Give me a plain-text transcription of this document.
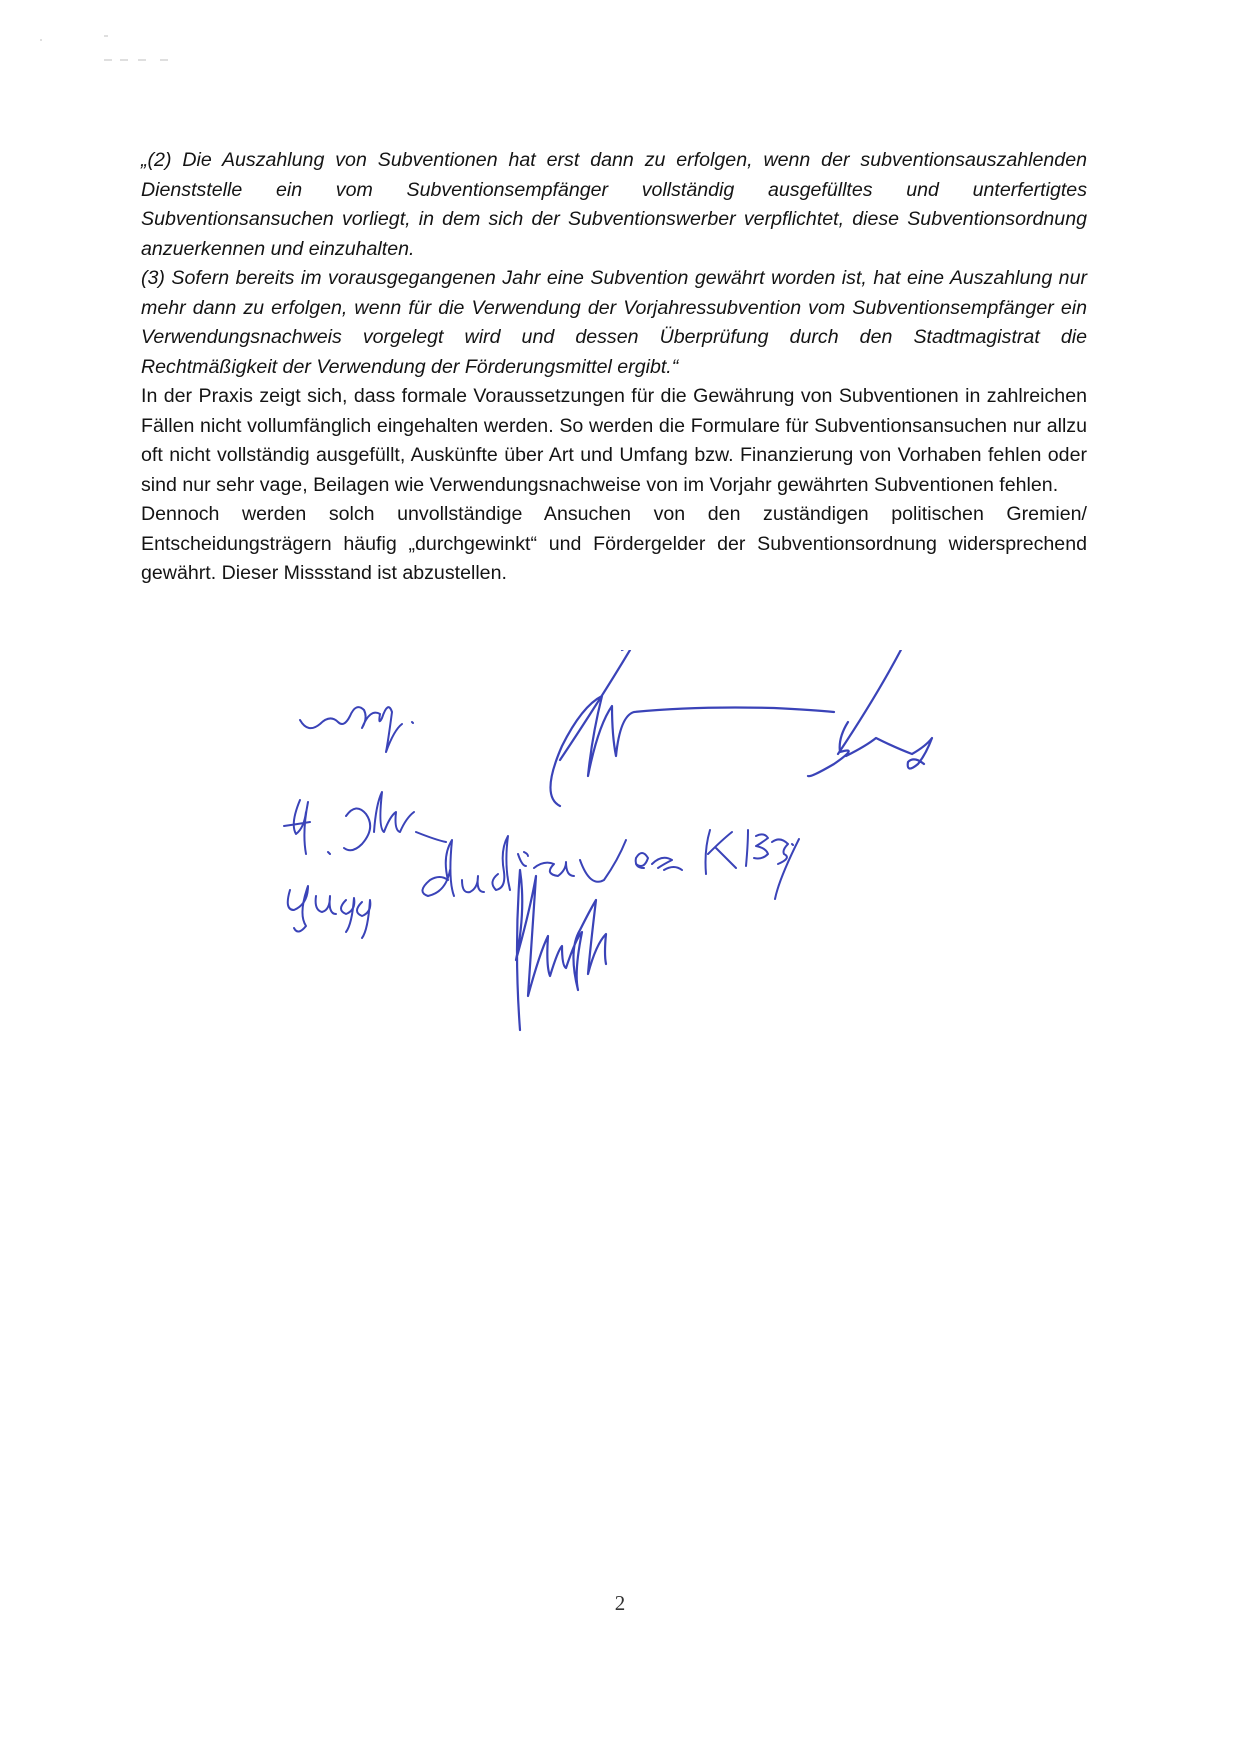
„(2) Die Auszahlung von Subventionen hat erst dann zu erfolgen, wenn der subventionsauszahlenden Dienststelle ein vom Subventionsempfänger vollständig ausgefülltes und unterfertigtes Subventionsansuchen vorliegt, in dem sich der Subventionswerber verpflichtet, diese Subventionsordnung anzuerkennen und einzuhalten.

(3) Sofern bereits im vorausgegangenen Jahr eine Subvention gewährt worden ist, hat eine Auszahlung nur mehr dann zu erfolgen, wenn für die Verwendung der Vorjahressubvention vom Subventionsempfänger ein Verwendungsnachweis vorgelegt wird und dessen Überprüfung durch den Stadtmagistrat die Rechtmäßigkeit der Verwendung der Förderungsmittel ergibt.“

In der Praxis zeigt sich, dass formale Voraussetzungen für die Gewährung von Subventionen in zahlreichen Fällen nicht vollumfänglich eingehalten werden. So werden die Formulare für Subventionsansuchen nur allzu oft nicht vollständig ausgefüllt, Auskünfte über Art und Umfang bzw. Finanzierung von Vorhaben fehlen oder sind nur sehr vage, Beilagen wie Verwendungsnachweise von im Vorjahr gewährten Subventionen fehlen.

Dennoch werden solch unvollständige Ansuchen von den zuständigen politischen Gremien/ Entscheidungsträgern häufig „durchgewinkt“ und Fördergelder der Subventionsordnung widersprechend gewährt. Dieser Missstand ist abzustellen.

2
